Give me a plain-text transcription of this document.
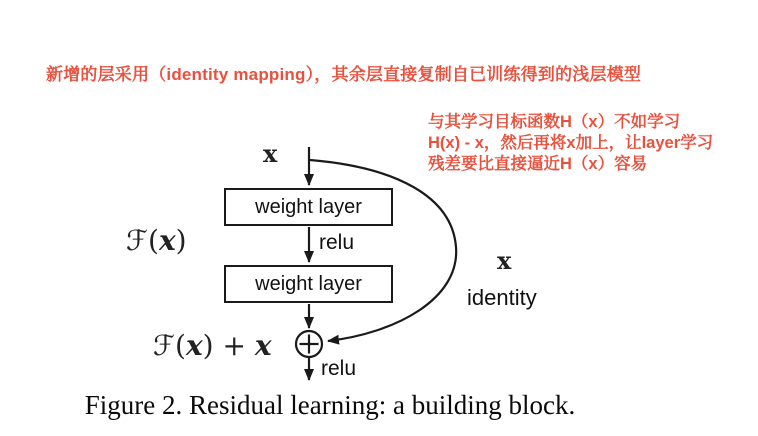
新增的层采用（identity mapping），其余层直接复制自已训练得到的浅层模型
与其学习目标函数H（x）不如学习
H(x) - x，然后再将x加上，让layer学习
残差要比直接逼近H（x）容易
weight layer
weight layer
x
ℱ(x)	relu
ℱ(x) + x
relu
x
identity
Figure 2. Residual learning: a building block.
